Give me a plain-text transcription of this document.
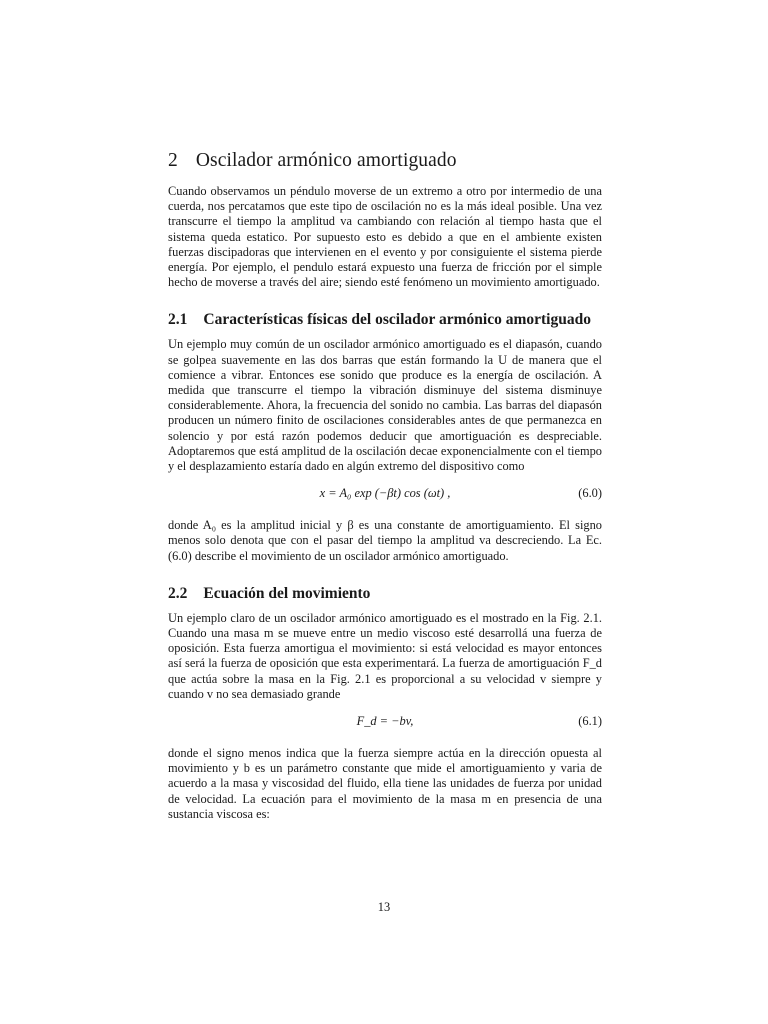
2 Oscilador armónico amortiguado

Cuando observamos un péndulo moverse de un extremo a otro por intermedio de una cuerda, nos percatamos que este tipo de oscilación no es la más ideal posible. Una vez transcurre el tiempo la amplitud va cambiando con relación al tiempo hasta que el sistema queda estatico. Por supuesto esto es debido a que en el ambiente existen fuerzas discipadoras que intervienen en el evento y por consiguiente el sistema pierde energía. Por ejemplo, el pendulo estará expuesto una fuerza de fricción por el simple hecho de moverse a través del aire; siendo esté fenómeno un movimiento amortiguado.

2.1 Características físicas del oscilador armónico amortiguado

Un ejemplo muy común de un oscilador armónico amortiguado es el diapasón, cuando se golpea suavemente en las dos barras que están formando la U de manera que el comience a vibrar. Entonces ese sonido que produce es la energía de oscilación. A medida que transcurre el tiempo la vibración disminuye del sistema disminuye considerablemente. Ahora, la frecuencia del sonido no cambia. Las barras del diapasón producen un número finito de oscilaciones considerables antes de que permanezca en solencio y por está razón podemos deducir que amortiguación es despreciable. Adoptaremos que está amplitud de la oscilación decae exponencialmente con el tiempo y el desplazamiento estaría dado en algún extremo del dispositivo como

x = A₀ exp (−βt) cos (ωt) ,	(6.0)

donde A₀ es la amplitud inicial y β es una constante de amortiguamiento. El signo menos solo denota que con el pasar del tiempo la amplitud va descreciendo. La Ec. (6.0) describe el movimiento de un oscilador armónico amortiguado.

2.2 Ecuación del movimiento

Un ejemplo claro de un oscilador armónico amortiguado es el mostrado en la Fig. 2.1. Cuando una masa m se mueve entre un medio viscoso esté desarrollá una fuerza de oposición. Esta fuerza amortigua el movimiento: si está velocidad es mayor entonces así será la fuerza de oposición que esta experimentará. La fuerza de amortiguación F_d que actúa sobre la masa en la Fig. 2.1 es proporcional a su velocidad v siempre y cuando v no sea demasiado grande

F_d = −bv,	(6.1)

donde el signo menos indica que la fuerza siempre actúa en la dirección opuesta al movimiento y b es un parámetro constante que mide el amortiguamiento y varia de acuerdo a la masa y viscosidad del fluido, ella tiene las unidades de fuerza por unidad de velocidad. La ecuación para el movimiento de la masa m en presencia de una sustancia viscosa es:

13
